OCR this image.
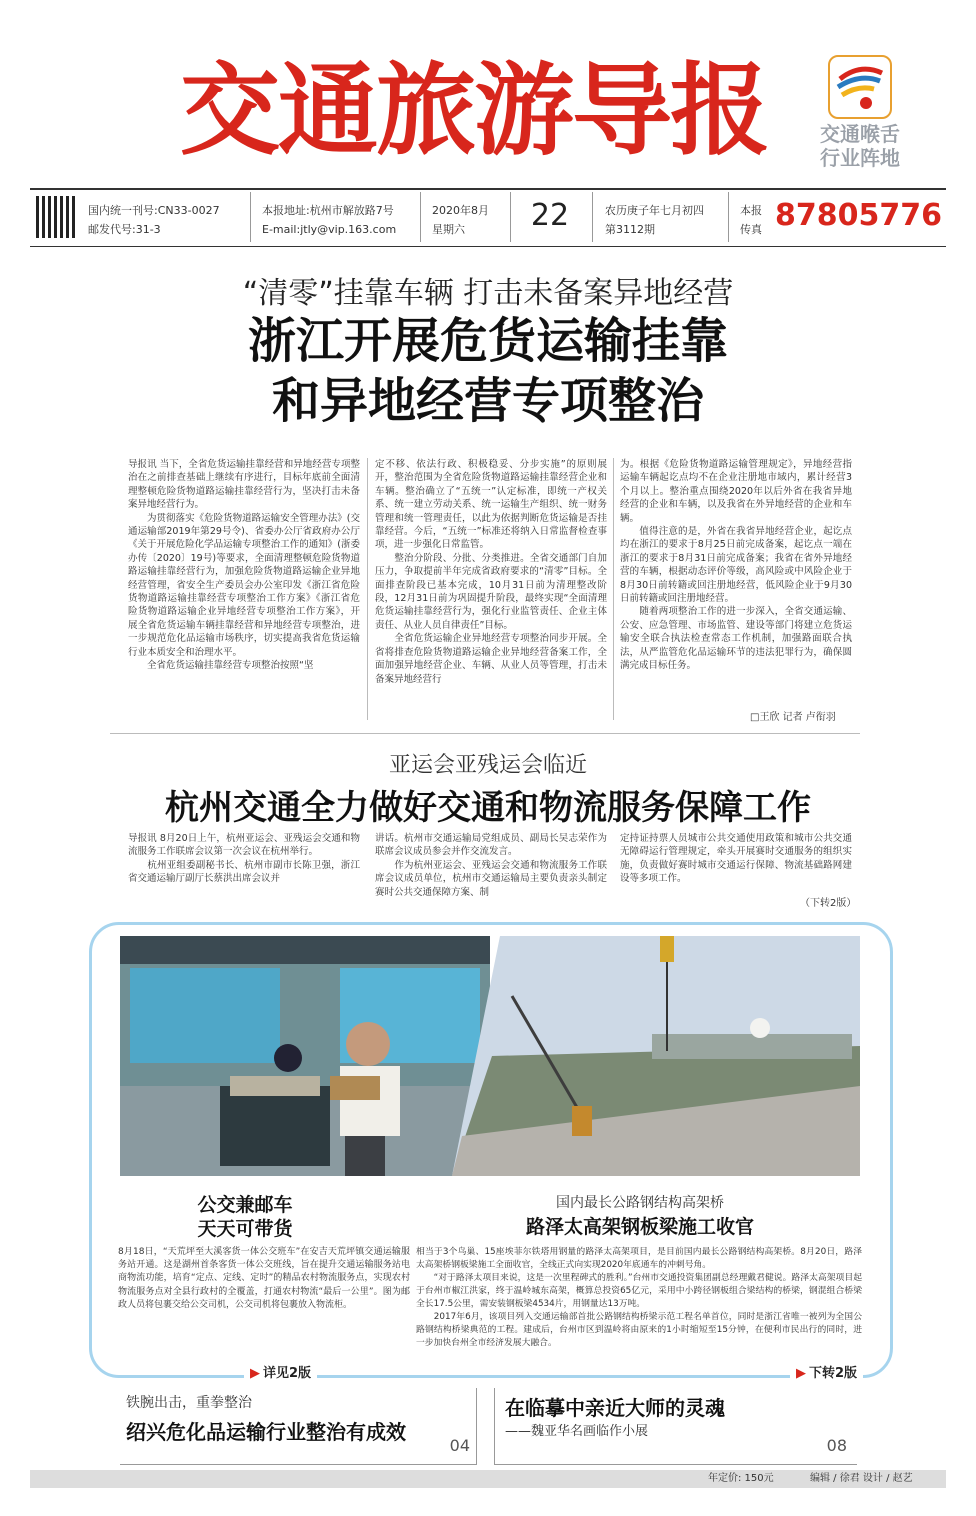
交通旅游导报	交通喉舌
行业阵地
国内统一刊号:CN33-0027
邮发代号:31-3
本报地址:杭州市解放路7号
E-mail:jtly@vip.163.com
2020年8月
星期六	22	农历庚子年七月初四
第3112期
本报
传真 87805776
“清零”挂靠车辆 打击未备案异地经营
浙江开展危货运输挂靠
和异地经营专项整治
导报讯 当下，全省危货运输挂靠经营和异地经营专项整治在之前排查基础上继续有序进行，目标年底前全面清理整顿危险货物道路运输挂靠经营行为，坚决打击未备案异地经营行为。
　　为贯彻落实《危险货物道路运输安全管理办法》(交通运输部2019年第29号令)、省委办公厅省政府办公厅《关于开展危险化学品运输专项整治工作的通知》(浙委办传〔2020〕19号)等要求，全面清理整顿危险货物道路运输挂靠经营行为，加强危险货物道路运输企业异地经营管理，省安全生产委员会办公室印发《浙江省危险货物道路运输挂靠经营专项整治工作方案》《浙江省危险货物道路运输企业异地经营专项整治工作方案》，开展全省危货运输车辆挂靠经营和异地经营专项整治，进一步规范危化品运输市场秩序，切实提高我省危货运输行业本质安全和治理水平。
　　全省危货运输挂靠经营专项整治按照“坚
定不移、依法行政、积极稳妥、分步实施”的原则展开，整治范围为全省危险货物道路运输挂靠经营企业和车辆。整治确立了“五统一”认定标准，即统一产权关系、统一建立劳动关系、统一运输生产组织、统一财务管理和统一管理责任，以此为依据判断危货运输是否挂靠经营。今后，“五统一”标准还将纳入日常监督检查事项，进一步强化日常监管。
　　整治分阶段、分批、分类推进。全省交通部门自加压力，争取提前半年完成省政府要求的“清零”目标。全面排查阶段已基本完成，10月31日前为清理整改阶段，12月31日前为巩固提升阶段，最终实现“全面清理危货运输挂靠经营行为，强化行业监管责任、企业主体责任、从业人员自律责任”目标。
　　全省危货运输企业异地经营专项整治同步开展。全省将排查危险货物道路运输企业异地经营备案工作，全面加强异地经营企业、车辆、从业人员等管理，打击未备案异地经营行
为。根据《危险货物道路运输管理规定》，异地经营指运输车辆起讫点均不在企业注册地市域内，累计经营3个月以上。整治重点围绕2020年以后外省在我省异地经营的企业和车辆，以及我省在外异地经营的企业和车辆。
　　值得注意的是，外省在我省异地经营企业，起讫点均在浙江的要求于8月25日前完成备案，起讫点一端在浙江的要求于8月31日前完成备案；我省在省外异地经营的车辆，根据动态评价等级，高风险或中风险企业于8月30日前转籍或回注册地经营，低风险企业于9月30日前转籍或回注册地经营。
　　随着两项整治工作的进一步深入，全省交通运输、公安、应急管理、市场监管、建设等部门将建立危货运输安全联合执法检查常态工作机制，加强路面联合执法，从严监管危化品运输环节的违法犯罪行为，确保圆满完成目标任务。
□王欣 记者 卢衔羽
亚运会亚残运会临近
杭州交通全力做好交通和物流服务保障工作
导报讯 8月20日上午，杭州亚运会、亚残运会交通和物流服务工作联席会议第一次会议在杭州举行。
　　杭州亚组委副秘书长、杭州市副市长陈卫强，浙江省交通运输厅副厅长蔡洪出席会议并
讲话。杭州市交通运输局党组成员、副局长吴志荣作为联席会议成员参会并作交流发言。
　　作为杭州亚运会、亚残运会交通和物流服务工作联席会议成员单位，杭州市交通运输局主要负责亲头制定赛时公共交通保障方案、制
定持证持票人员城市公共交通使用政策和城市公共交通无障碍运行管理规定，牵头开展赛时交通服务的组织实施，负责做好赛时城市交通运行保障、物流基础路网建设等多项工作。
（下转2版）
公交兼邮车
天天可带货
8月18日，“天荒坪至大溪客货一体公交班车”在安吉天荒坪镇交通运输服务站开通。这是湖州首条客货一体公交班线，旨在提升交通运输服务站电商物流功能，培育“定点、定线、定时”的精品农村物流服务点，实现农村物流服务点对全县行政村的全覆盖，打通农村物流“最后一公里”。图为邮政人员将包裹交给公交司机，公交司机将包裹放入物流柜。
国内最长公路钢结构高架桥
路泽太高架钢板梁施工收官
相当于3个鸟巢、15座埃菲尔铁塔用钢量的路泽太高架项目，是目前国内最长公路钢结构高架桥。8月20日，路泽太高架桥钢板梁施工全面收官，全线正式向实现2020年底通车的冲刺号角。
　　“对于路泽太项目来说，这是一次里程碑式的胜利。”台州市交通投资集团副总经理戴君健说。路泽太高架项目起于台州市椒江洪家，终于温岭城东高架，概算总投资65亿元，采用中小跨径钢板组合梁结构的桥梁，钢混组合桥梁全长17.5公里，需安装钢板梁4534片，用钢量达13万吨。
　　2017年6月，该项目列入交通运输部首批公路钢结构桥梁示范工程名单首位，同时是浙江省唯一被列为全国公路钢结构桥梁典范的工程。建成后，台州市区到温岭将由原来的1小时缩短至15分钟，在便利市民出行的同时，进一步加快台州全市经济发展大融合。
▶ 详见2版	▶ 下转2版
铁腕出击，重拳整治
绍兴危化品运输行业整治有成效
04
在临摹中亲近大师的灵魂
——魏亚华名画临作小展
08
年定价: 150元	编辑 / 徐君 设计 / 赵艺
